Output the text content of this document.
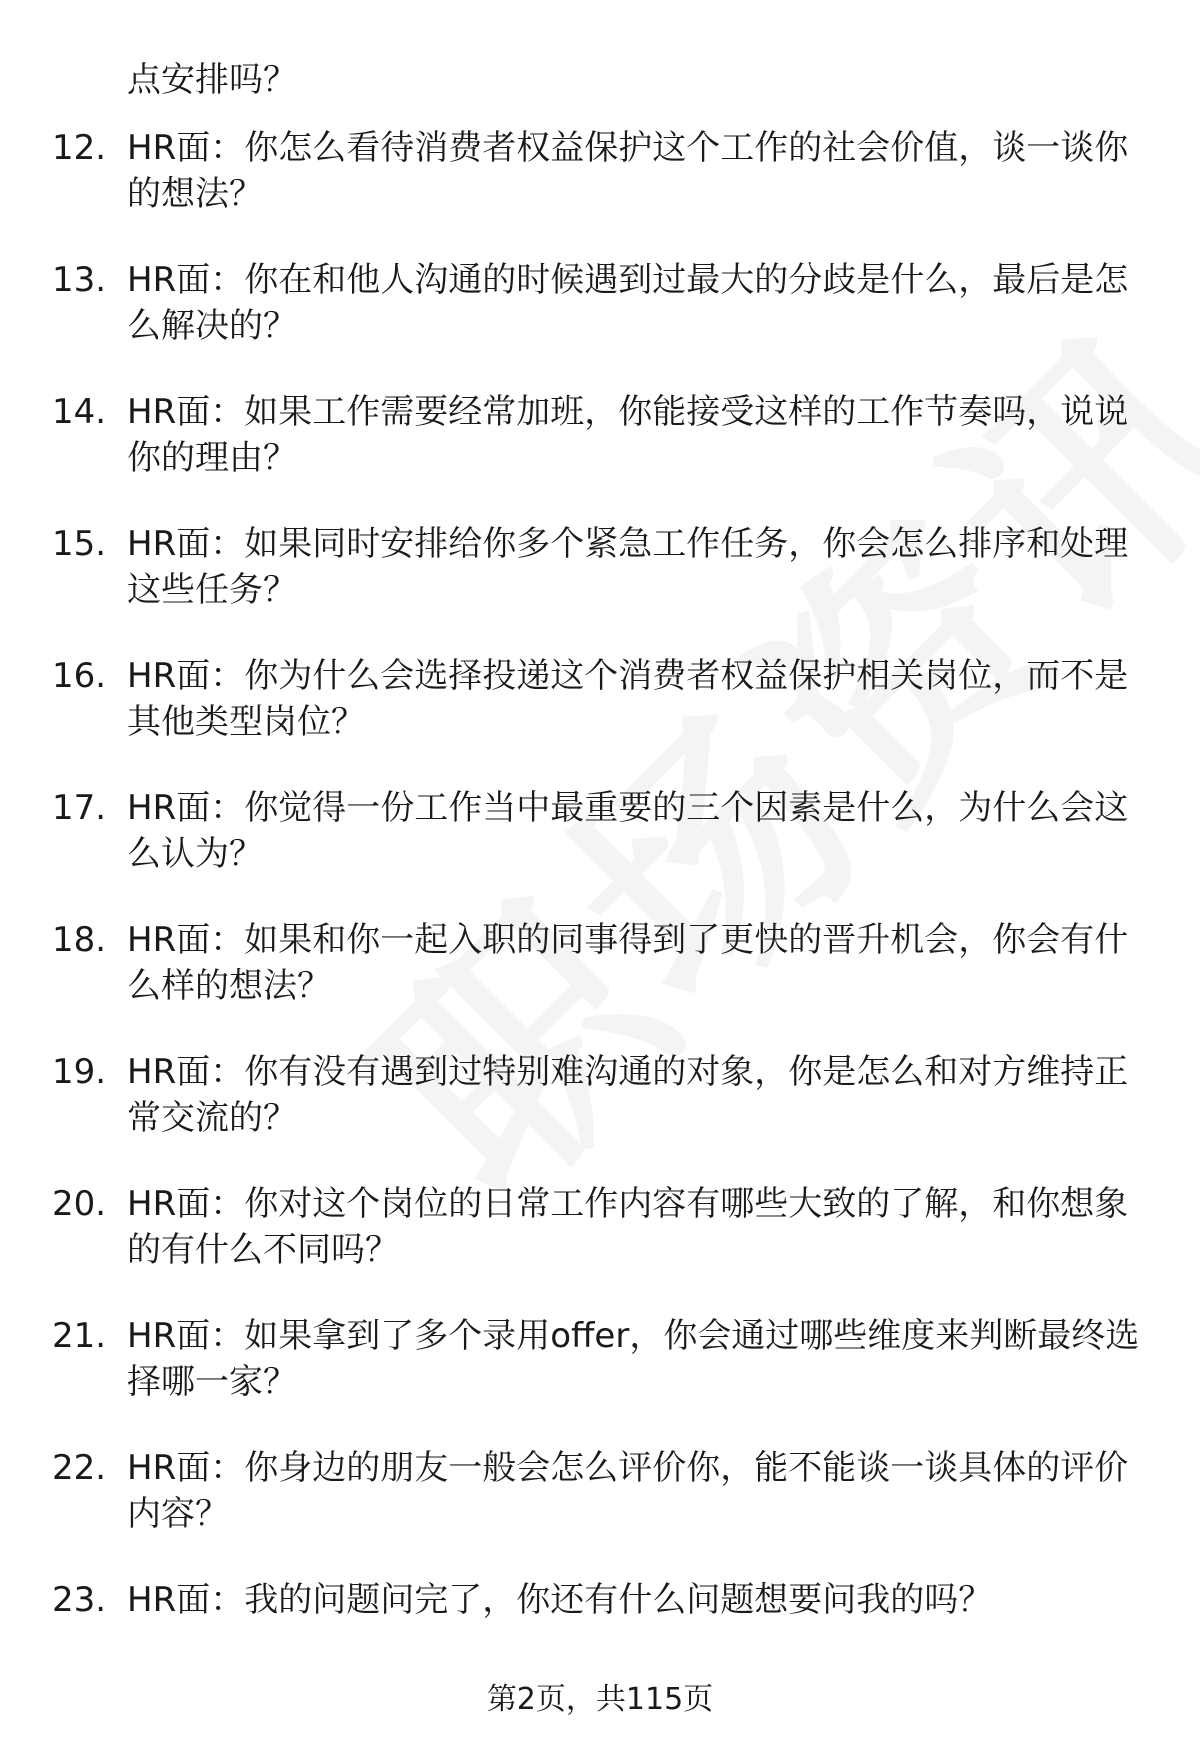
点安排吗？
12. HR面：你怎么看待消费者权益保护这个工作的社会价值，谈一谈你的想法？
13. HR面：你在和他人沟通的时候遇到过最大的分歧是什么，最后是怎么解决的？
14. HR面：如果工作需要经常加班，你能接受这样的工作节奏吗，说说你的理由？
15. HR面：如果同时安排给你多个紧急工作任务，你会怎么排序和处理这些任务？
16. HR面：你为什么会选择投递这个消费者权益保护相关岗位，而不是其他类型岗位？
17. HR面：你觉得一份工作当中最重要的三个因素是什么，为什么会这么认为？
18. HR面：如果和你一起入职的同事得到了更快的晋升机会，你会有什么样的想法？
19. HR面：你有没有遇到过特别难沟通的对象，你是怎么和对方维持正常交流的？
20. HR面：你对这个岗位的日常工作内容有哪些大致的了解，和你想象的有什么不同吗？
21. HR面：如果拿到了多个录用offer，你会通过哪些维度来判断最终选择哪一家？
22. HR面：你身边的朋友一般会怎么评价你，能不能谈一谈具体的评价内容？
23. HR面：我的问题问完了，你还有什么问题想要问我的吗？
第2页，共115页
